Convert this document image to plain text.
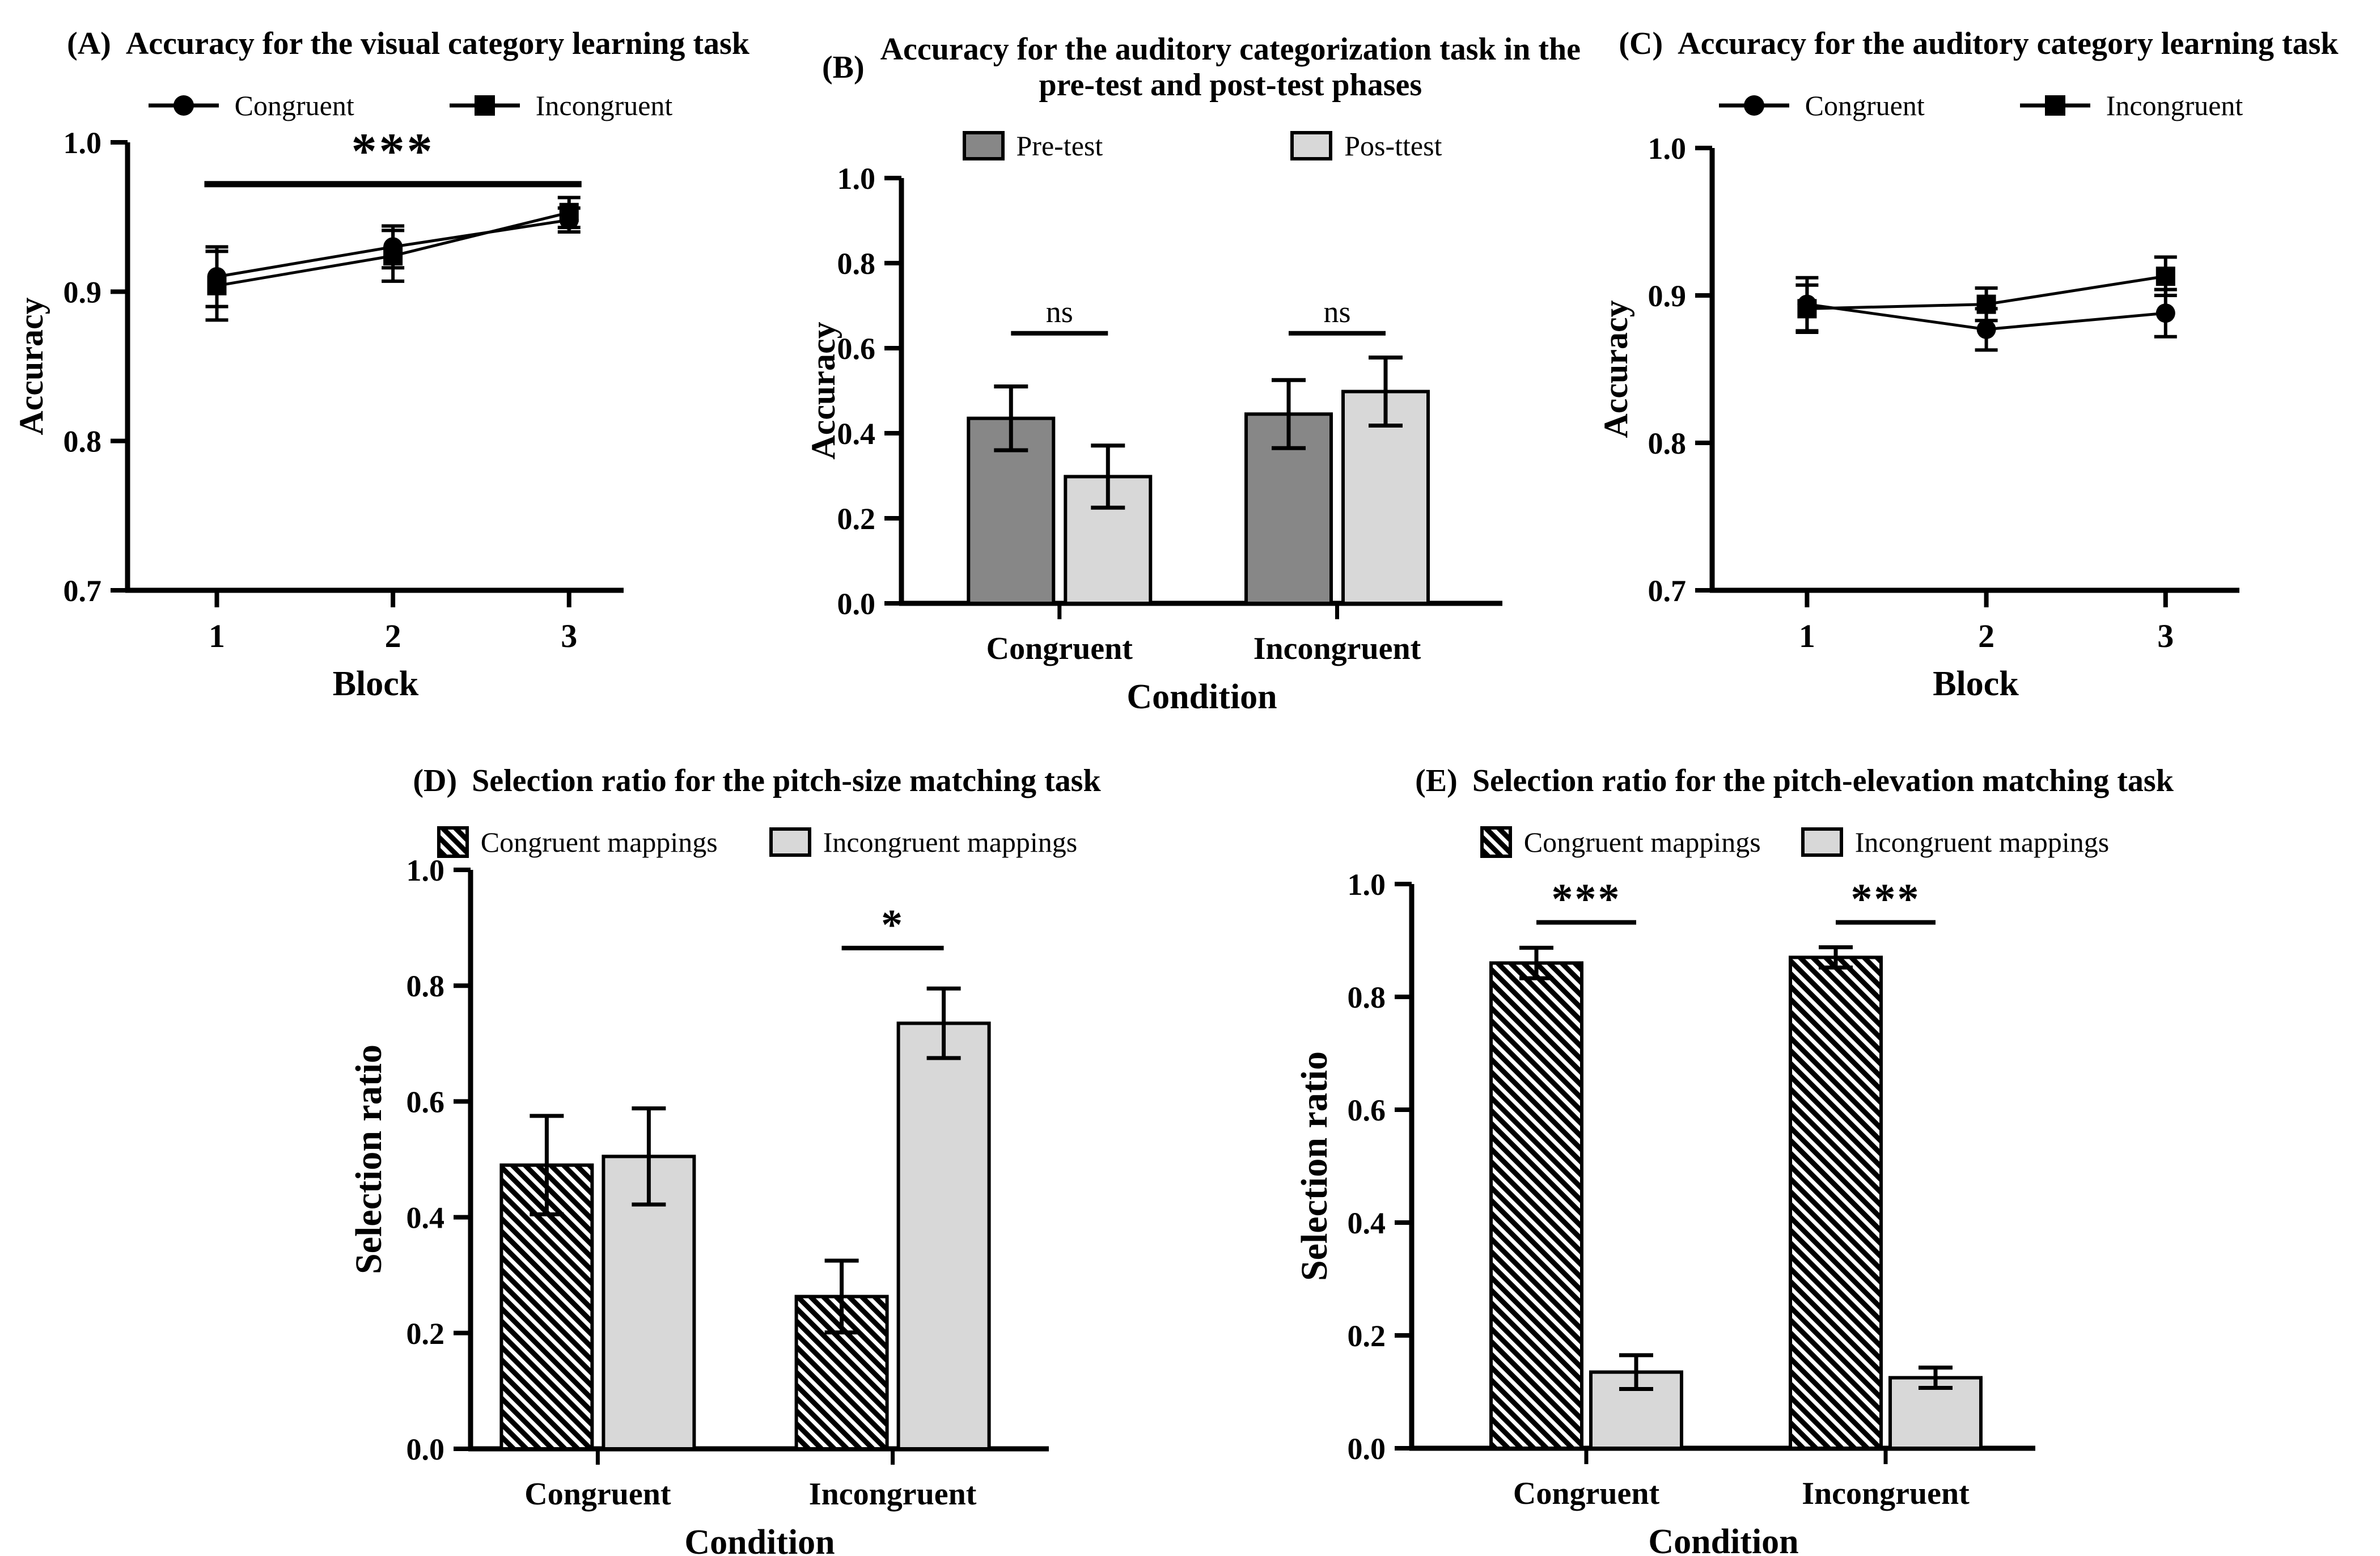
(A) Accuracy for the visual category learning task
Congruent	Incongruent
0.7
0.8
0.9
1.0
Accuracy
1	2	3
Block
***
(B)
Accuracy for the auditory categorization task in the pre-test and post-test phases
Pre-test	Pos-ttest
0.0
0.2
0.4
0.6
0.8
1.0
Accuracy
Congruent	Incongruent
Condition
ns	ns
(C) Accuracy for the auditory category learning task
Congruent	Incongruent
0.7
0.8
0.9
1.0
Accuracy
1	2	3
Block
(D) Selection ratio for the pitch-size matching task
Congruent mappings	Incongruent mappings
0.0
0.2
0.4
0.6
0.8
1.0
Selection ratio
Congruent	Incongruent
Condition
*
(E) Selection ratio for the pitch-elevation matching task
Congruent mappings	Incongruent mappings
0.0
0.2
0.4
0.6
0.8
1.0
Selection ratio
Congruent	Incongruent
Condition
***	***
